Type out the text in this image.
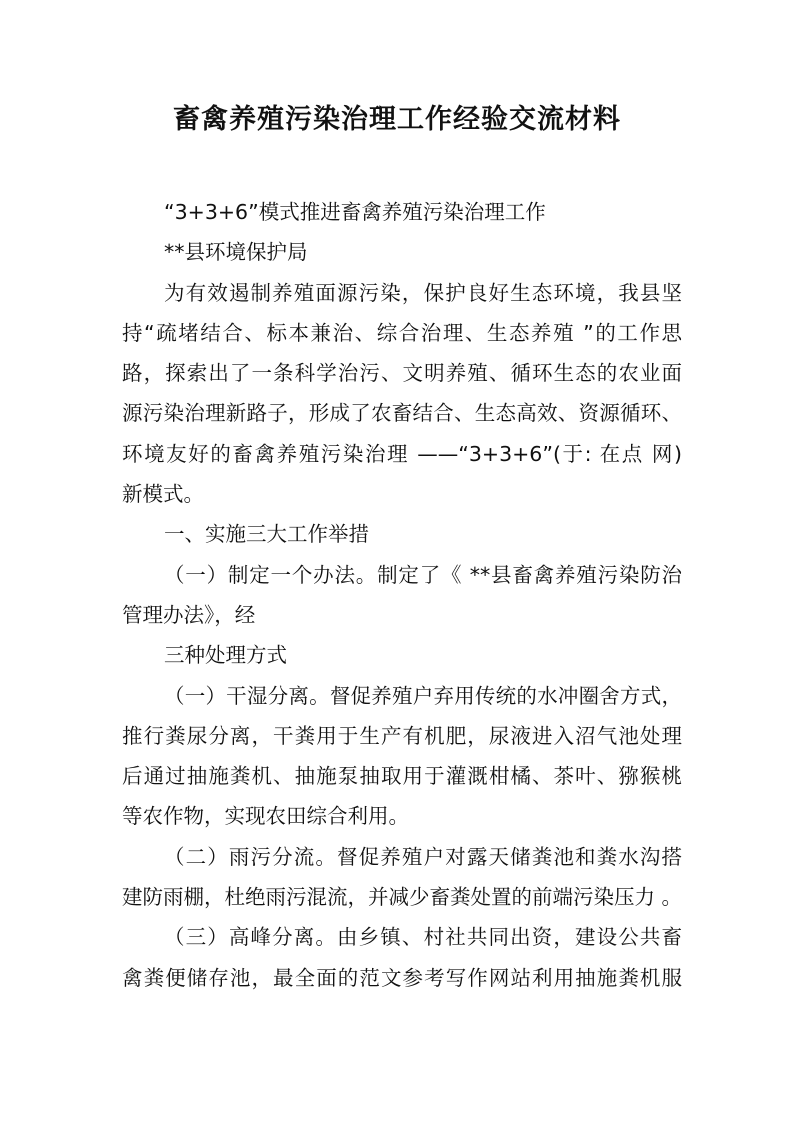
畜禽养殖污染治理工作经验交流材料
“3+3+6”模式推进畜禽养殖污染治理工作
**县环境保护局
为有效遏制养殖面源污染，保护良好生态环境，我县坚
持“疏堵结合、标本兼治、综合治理、生态养殖 ”的工作思
路，探索出了一条科学治污、文明养殖、循环生态的农业面
源污染治理新路子，形成了农畜结合、生态高效、资源循环、
环境友好的畜禽养殖污染治理 ——“3+3+6”(于: 在点 网)
新模式。
一、实施三大工作举措
（一）制定一个办法。制定了《 **县畜禽养殖污染防治
管理办法》，经
三种处理方式
（一）干湿分离。督促养殖户弃用传统的水冲圈舍方式，
推行粪尿分离，干粪用于生产有机肥，尿液进入沼气池处理
后通过抽施粪机、抽施泵抽取用于灌溉柑橘、茶叶、猕猴桃
等农作物，实现农田综合利用。
（二）雨污分流。督促养殖户对露天储粪池和粪水沟搭
建防雨棚，杜绝雨污混流，并减少畜粪处置的前端污染压力 。
（三）高峰分离。由乡镇、村社共同出资，建设公共畜
禽粪便储存池，最全面的范文参考写作网站利用抽施粪机服
